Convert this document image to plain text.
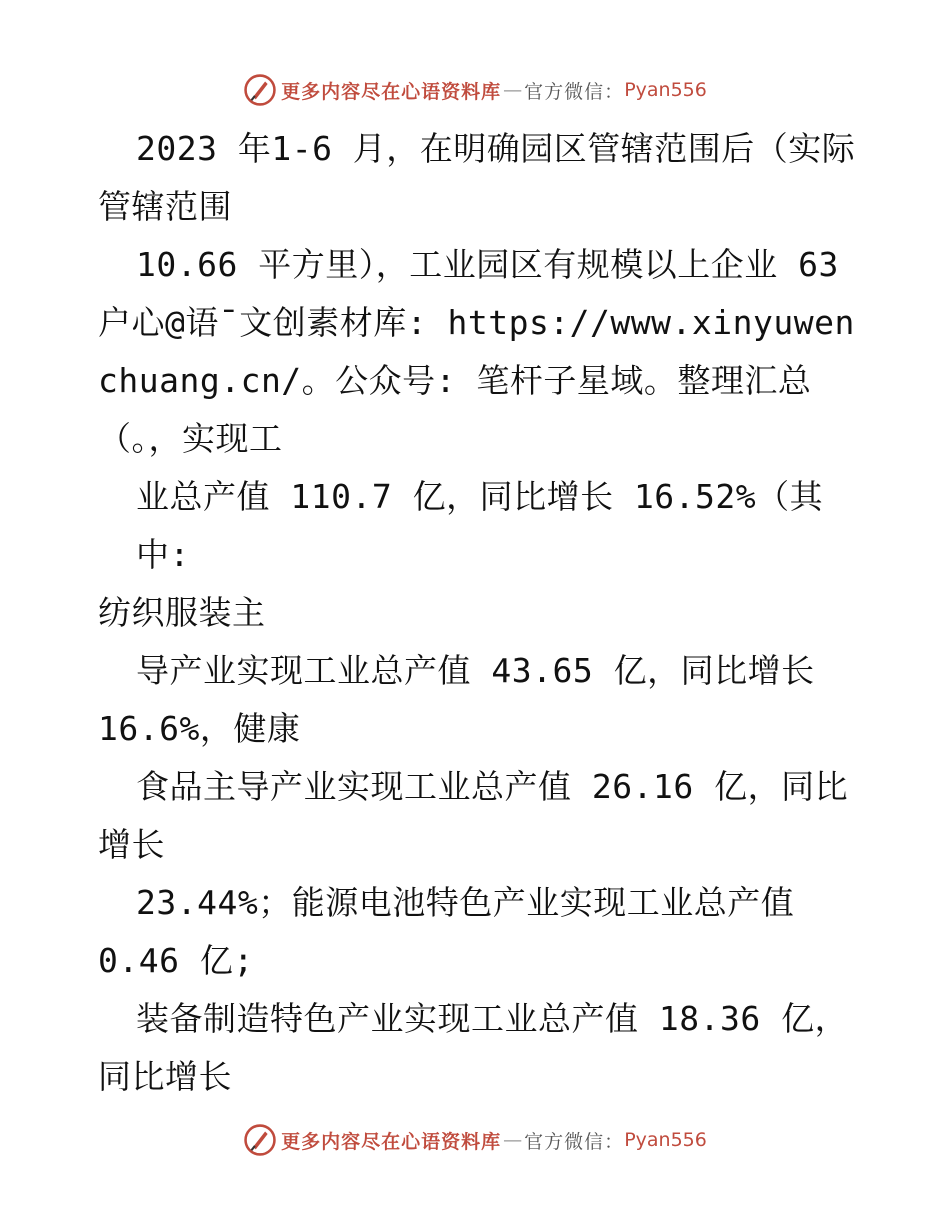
更多内容尽在心语资料库 — 官方微信： Pyan556

2023 年1-6 月，在明确园区管辖范围后（实际
管辖范围

10.66 平方里），工业园区有规模以上企业 63
户心@语¯文创素材库: https://www.xinyuwenchuang.cn/。公众号: 笔杆子星域。整理汇总（。，实现工

业总产值 110.7 亿，同比增长 16.52%（其中:
纺织服装主

导产业实现工业总产值 43.65 亿，同比增长
16.6%，健康

食品主导产业实现工业总产值 26.16 亿，同比
增长

23.44%；能源电池特色产业实现工业总产值
0.46 亿;

装备制造特色产业实现工业总产值 18.36 亿，
同比增长

更多内容尽在心语资料库 — 官方微信： Pyan556
